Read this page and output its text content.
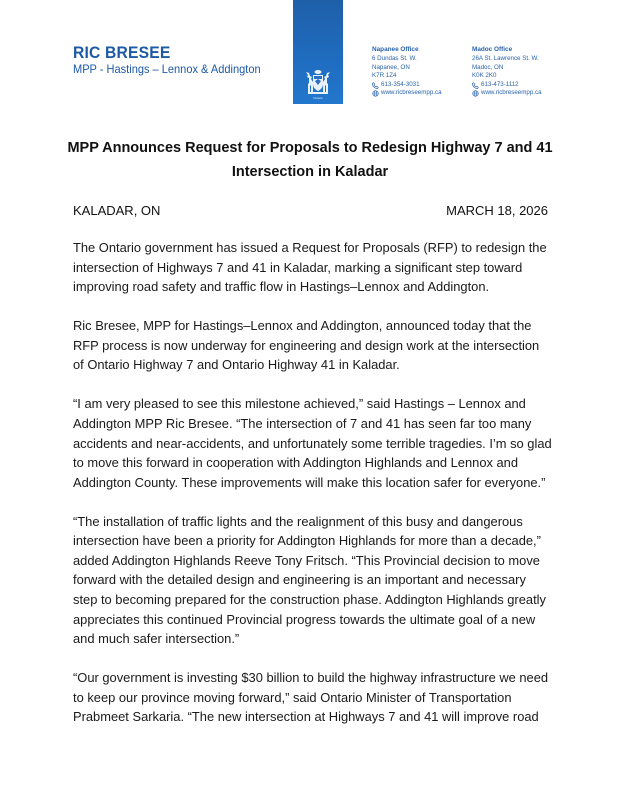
RIC BRESEE
MPP - Hastings – Lennox & Addington
Ontario
Napanee Office
6 Dundas St. W.
Napanee, ON
K7R 1Z4
613-354-3031
www.ricbreseempp.ca
Madoc Office
26A St. Lawrence St. W.
Madoc, ON
K0K 2K0
613-473-1112
www.ricbreseempp.ca
MPP Announces Request for Proposals to Redesign Highway 7 and 41
Intersection in Kaladar
KALADAR, ON	MARCH 18, 2026

The Ontario government has issued a Request for Proposals (RFP) to redesign the intersection of Highways 7 and 41 in Kaladar, marking a significant step toward improving road safety and traffic flow in Hastings–Lennox and Addington.

Ric Bresee, MPP for Hastings–Lennox and Addington, announced today that the RFP process is now underway for engineering and design work at the intersection of Ontario Highway 7 and Ontario Highway 41 in Kaladar.

“I am very pleased to see this milestone achieved,” said Hastings – Lennox and Addington MPP Ric Bresee. “The intersection of 7 and 41 has seen far too many accidents and near-accidents, and unfortunately some terrible tragedies. I’m so glad to move this forward in cooperation with Addington Highlands and Lennox and Addington County. These improvements will make this location safer for everyone.”

“The installation of traffic lights and the realignment of this busy and dangerous intersection have been a priority for Addington Highlands for more than a decade,” added Addington Highlands Reeve Tony Fritsch. “This Provincial decision to move forward with the detailed design and engineering is an important and necessary step to becoming prepared for the construction phase. Addington Highlands greatly appreciates this continued Provincial progress towards the ultimate goal of a new and much safer intersection.”

“Our government is investing $30 billion to build the highway infrastructure we need to keep our province moving forward,” said Ontario Minister of Transportation Prabmeet Sarkaria. “The new intersection at Highways 7 and 41 will improve road
